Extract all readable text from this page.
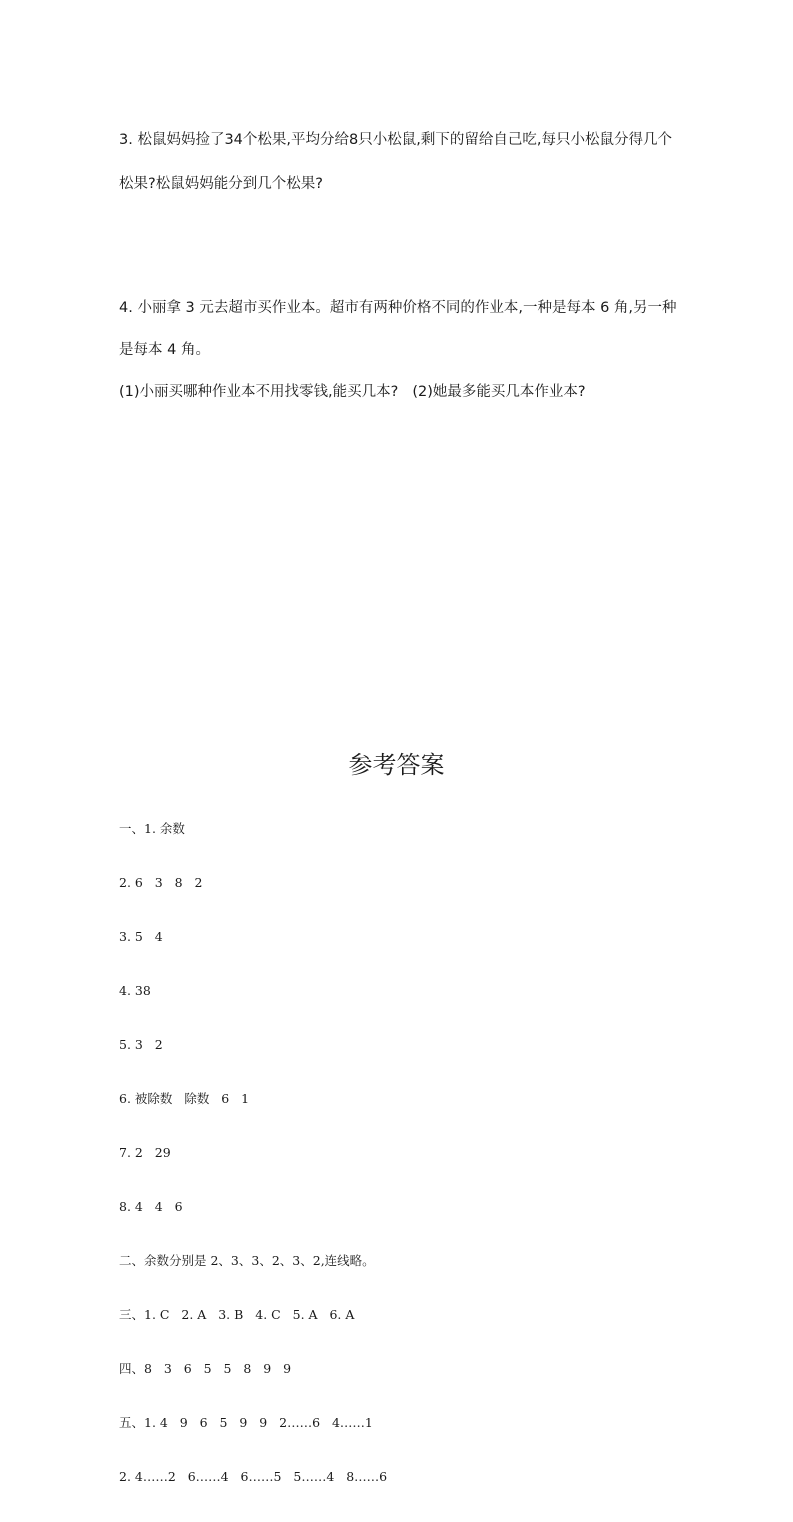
3. 松鼠妈妈捡了34个松果,平均分给8只小松鼠,剩下的留给自己吃,每只小松鼠分得几个
松果?松鼠妈妈能分到几个松果?
4. 小丽拿 3 元去超市买作业本。超市有两种价格不同的作业本,一种是每本 6 角,另一种
是每本 4 角。
(1)小丽买哪种作业本不用找零钱,能买几本? (2)她最多能买几本作业本?
参考答案

一、1. 余数

2. 6   3   8   2

3. 5   4

4. 38

5. 3   2

6. 被除数   除数   6   1

7. 2   29

8. 4   4   6

二、余数分别是 2、3、3、2、3、2,连线略。

三、1. C   2. A   3. B   4. C   5. A   6. A

四、8   3   6   5   5   8   9   9

五、1. 4   9   6   5   9   9   2……6   4……1

2. 4……2   6……4   6……5   5……4   8……6
